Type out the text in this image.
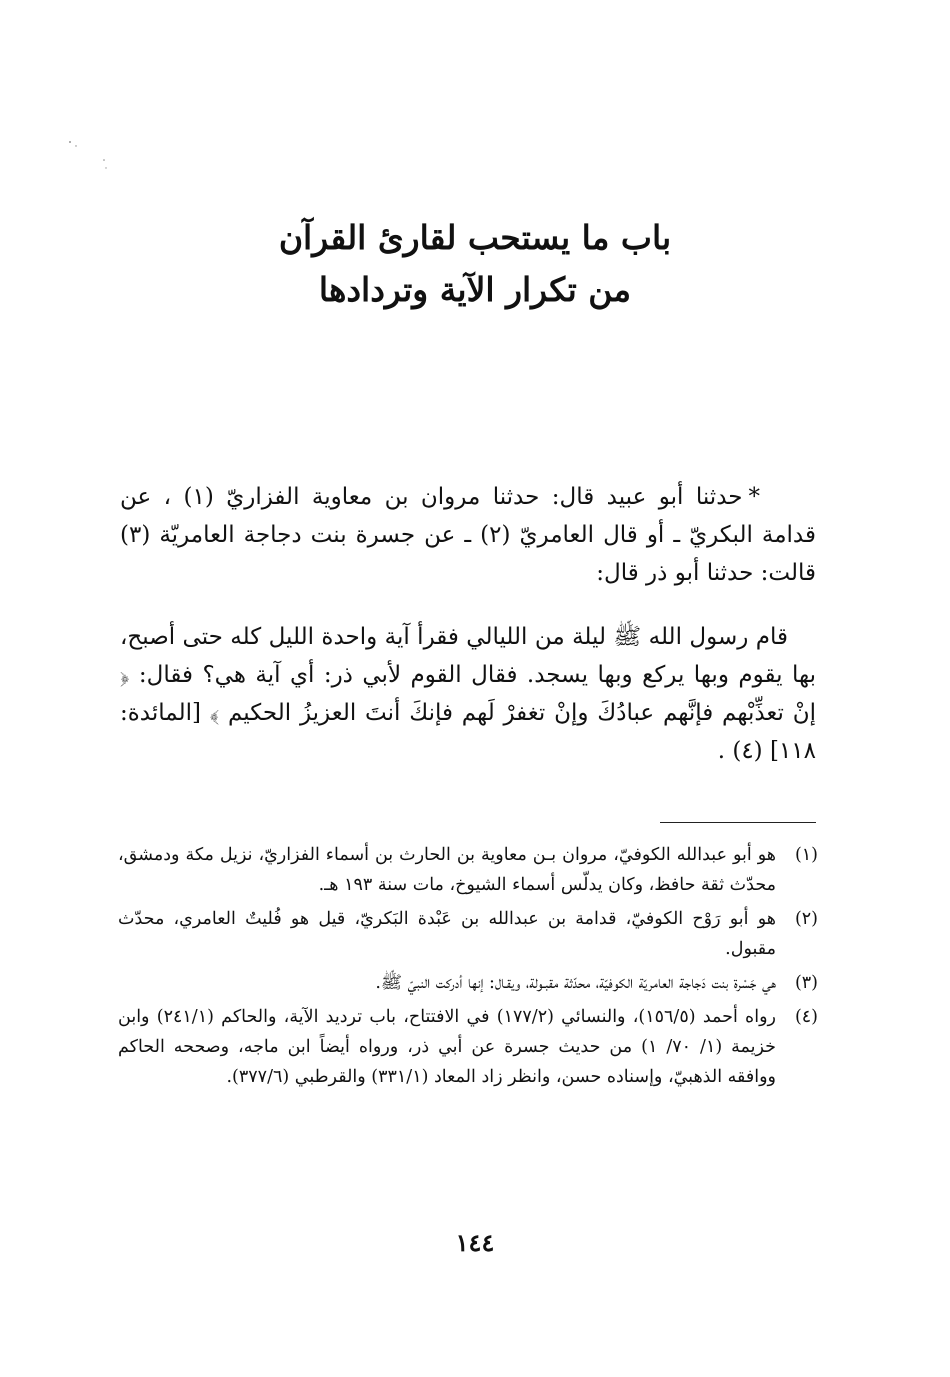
باب ما يستحب لقارئ القرآن
من تكرار الآية وتردادها

*حدثنا أبو عبيد قال: حدثنا مروان بن معاوية الفزاريّ (١) ، عن قدامة البكريّ ـ أو قال العامريّ (٢) ـ عن جسرة بنت دجاجة العامريّة (٣) قالت: حدثنا أبو ذر قال:

قام رسول الله ﷺ ليلة من الليالي فقرأ آية واحدة الليل كله حتى أصبح، بها يقوم وبها يركع وبها يسجد. فقال القوم لأبي ذر: أي آية هي؟ فقال: ﴿ إنْ تعذِّبْهم فإنَّهم عبادُكَ وإنْ تغفرْ لَهم فإنكَ أنتَ العزيزُ الحكيم ﴾ [المائدة: ١١٨] (٤) .

(١)
هو أبو عبدالله الكوفيّ، مروان بـن معاوية بن الحارث بن أسماء الفزاريّ، نزيل مكة ودمشق، محدّث ثقة حافظ، وكان يدلّس أسماء الشيوخ، مات سنة ١٩٣ هـ.
(٢)
هو أبو رَوْح الكوفيّ، قدامة بن عبدالله بن عَبْدة البَكريّ، قيل هو فُليتٌ العامري، محدّث مقبول.
(٣)
هي جَسْرة بنت دَجاجة العامريّة الكوفيّة، محدّثة مقبـولة، ويقـال: إنها أدركت النبيّ ﷺ.
(٤)
رواه أحمد (١٥٦/٥)، والنسائي (١٧٧/٢) في الافتتاح، باب ترديد الآية، والحاكم (٢٤١/١) وابن خزيمة (١/ ٧٠/ ١) من حديث جسرة عن أبي ذر، ورواه أيضاً ابن ماجه، وصححه الحاكم ووافقه الذهبيّ، وإسناده حسن، وانظر زاد المعاد (٣٣١/١) والقرطبي (٣٧٧/٦).
١٤٤
